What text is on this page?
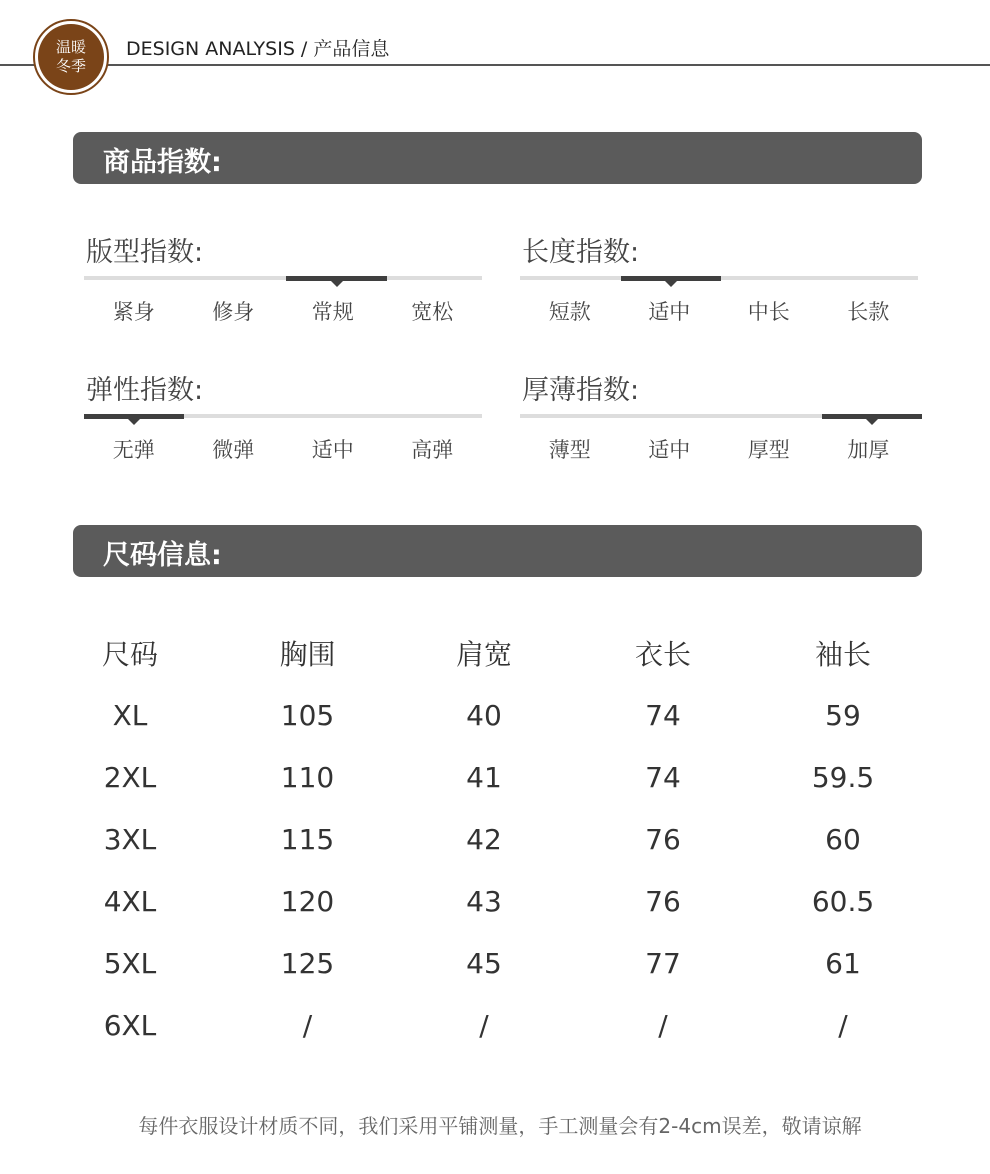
温暖
冬季
DESIGN ANALYSIS / 产品信息
商品指数:
版型指数:
紧身	修身	常规	宽松
长度指数:
短款	适中	中长	长款
弹性指数:
无弹	微弹	适中	高弹
厚薄指数:
薄型	适中	厚型	加厚
尺码信息:
尺码	胸围	肩宽	衣长	袖长
XL	105	40	74	59
2XL	110	41	74	59.5
3XL	115	42	76	60
4XL	120	43	76	60.5
5XL	125	45	77	61
6XL	/	/	/	/
每件衣服设计材质不同，我们采用平铺测量，手工测量会有2-4cm误差，敬请谅解
